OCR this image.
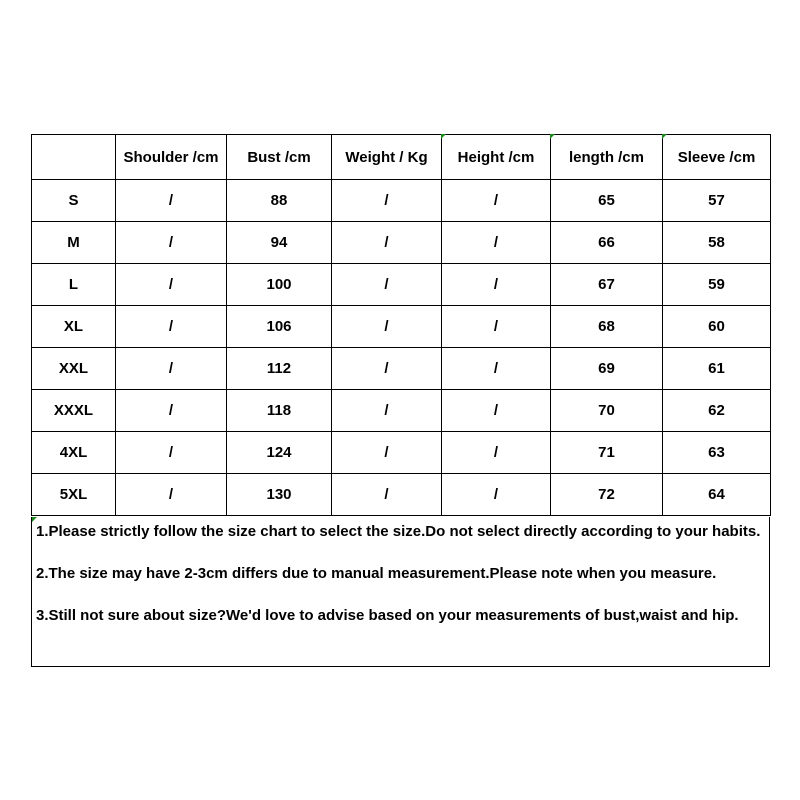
	Shoulder /cm	Bust /cm	Weight / Kg	Height /cm	length /cm	Sleeve /cm
S	/	88	/	/	65	57
M	/	94	/	/	66	58
L	/	100	/	/	67	59
XL	/	106	/	/	68	60
XXL	/	112	/	/	69	61
XXXL	/	118	/	/	70	62
4XL	/	124	/	/	71	63
5XL	/	130	/	/	72	64

1.Please strictly follow the size chart to select the size.Do not select directly according to your habits.

2.The size may have 2-3cm differs due to manual measurement.Please note when you measure.

3.Still not sure about size?We'd love to advise based on your measurements of bust,waist and hip.
